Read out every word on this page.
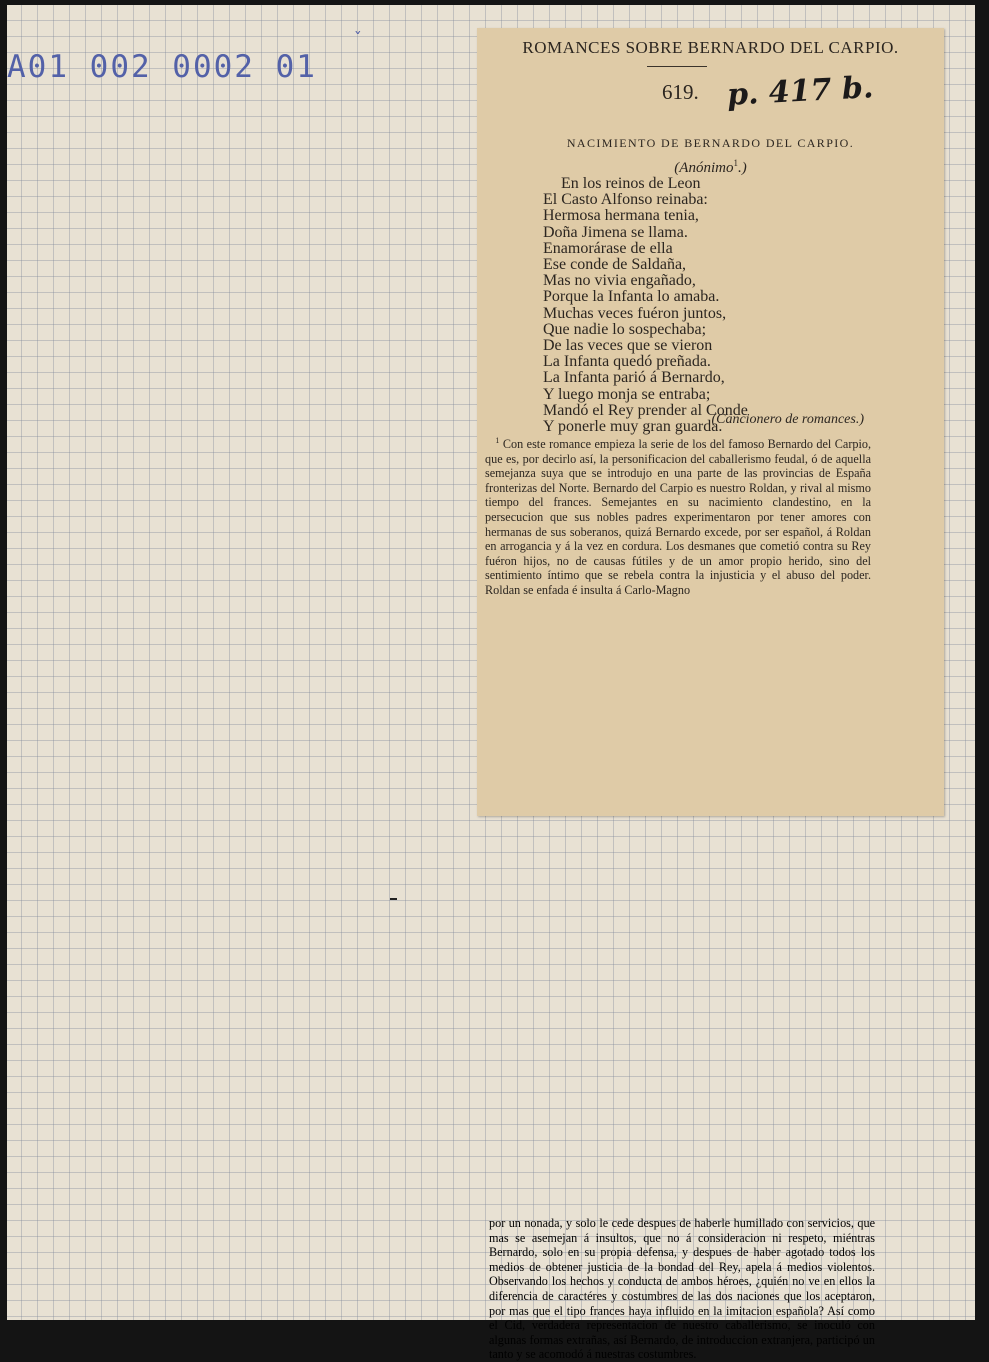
A01 002 0002 01
ˇ	ROMANCES SOBRE BERNARDO DEL CARPIO.
619. p. 417 b.
NACIMIENTO DE BERNARDO DEL CARPIO.
(Anónimo$^1$.)
En los reinos de Leon
El Casto Alfonso reinaba:
Hermosa hermana tenia,
Doña Jimena se llama.
Enamorárase de ella
Ese conde de Saldaña,
Mas no vivia engañado,
Porque la Infanta lo amaba.
Muchas veces fuéron juntos,
Que nadie lo sospechaba;
De las veces que se vieron
La Infanta quedó preñada.
La Infanta parió á Bernardo,
Y luego monja se entraba;
Mandó el Rey prender al Conde
Y ponerle muy gran guarda.
(Cancionero de romances.)
$^1$ Con este romance empieza la serie de los del famoso Bernardo del Carpio, que es, por decirlo así, la personificacion del caballerismo feudal, ó de aquella semejanza suya que se introdujo en una parte de las provincias de España fronterizas del Norte. Bernardo del Carpio es nuestro Roldan, y rival al mismo tiempo del frances. Semejantes en su nacimiento clandestino, en la persecucion que sus nobles padres experimentaron por tener amores con hermanas de sus soberanos, quizá Bernardo excede, por ser español, á Roldan en arrogancia y á la vez en cordura. Los desmanes que cometió contra su Rey fuéron hijos, no de causas fútiles y de un amor propio herido, sino del sentimiento íntimo que se rebela contra la injusticia y el abuso del poder. Roldan se enfada é insulta á Carlo-Magno
por un nonada, y solo le cede despues de haberle humillado con servicios, que mas se asemejan á insultos, que no á consideracion ni respeto, miéntras Bernardo, solo en su propia defensa, y despues de haber agotado todos los medios de obtener justicia de la bondad del Rey, apela á medios violentos. Observando los hechos y conducta de ambos héroes, ¿quién no ve en ellos la diferencia de caractéres y costumbres de las dos naciones que los aceptaron, por mas que el tipo frances haya influido en la imitacion española? Así como el Cid, verdadera representacion de nuestro caballerismo, se inoculó con algunas formas extrañas, así Bernardo, de introduccion extranjera, participó un tanto y se acomodó á nuestras costumbres.
